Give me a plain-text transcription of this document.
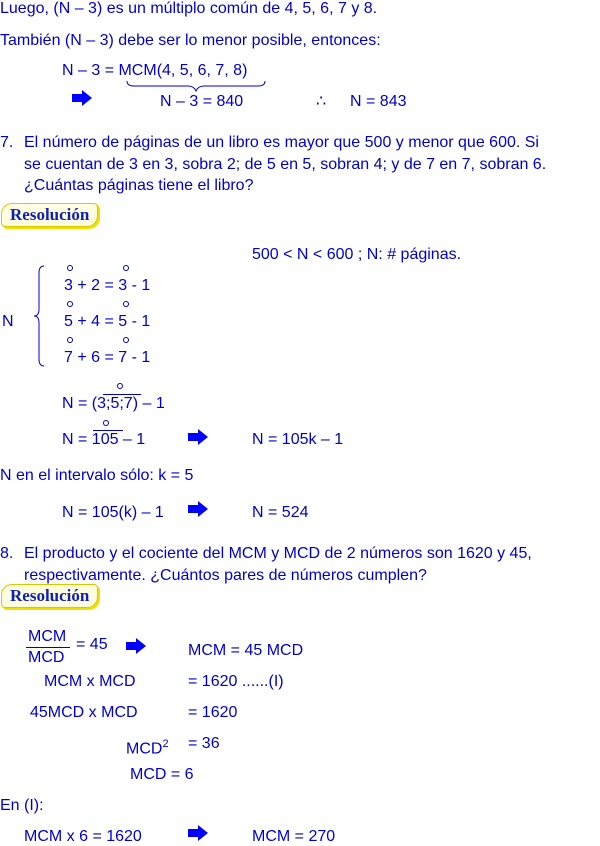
Luego, (N – 3) es un múltiplo común de 4, 5, 6, 7 y 8.
También (N – 3) debe ser lo menor posible, entonces:
N – 3 = MCM(4, 5, 6, 7, 8)
N – 3 = 840	∴ N = 843
7. El número de páginas de un libro es mayor que 500 y menor que 600. Si
se cuentan de 3 en 3, sobra 2; de 5 en 5, sobran 4; y de 7 en 7, sobran 6.
¿Cuántas páginas tiene el libro?
Resolución
500 < N < 600 ; N: # páginas.
N
3 + 2 = 3 - 1
5 + 4 = 5 - 1
7 + 6 = 7 - 1
N = (3;5;7) – 1
N = 105 – 1	N = 105k – 1
N en el intervalo sólo: k = 5
N = 105(k) – 1	N = 524
8. El producto y el cociente del MCM y MCD de 2 números son 1620 y 45,
respectivamente. ¿Cuántos pares de números cumplen?
Resolución
MCM
MCD
= 45	MCM = 45 MCD
MCM x MCD	= 1620 ......(I)
45MCD x MCD	= 1620
$MCD^2 = 36$
MCD = 6
En (I):
MCM x 6 = 1620	MCM = 270
